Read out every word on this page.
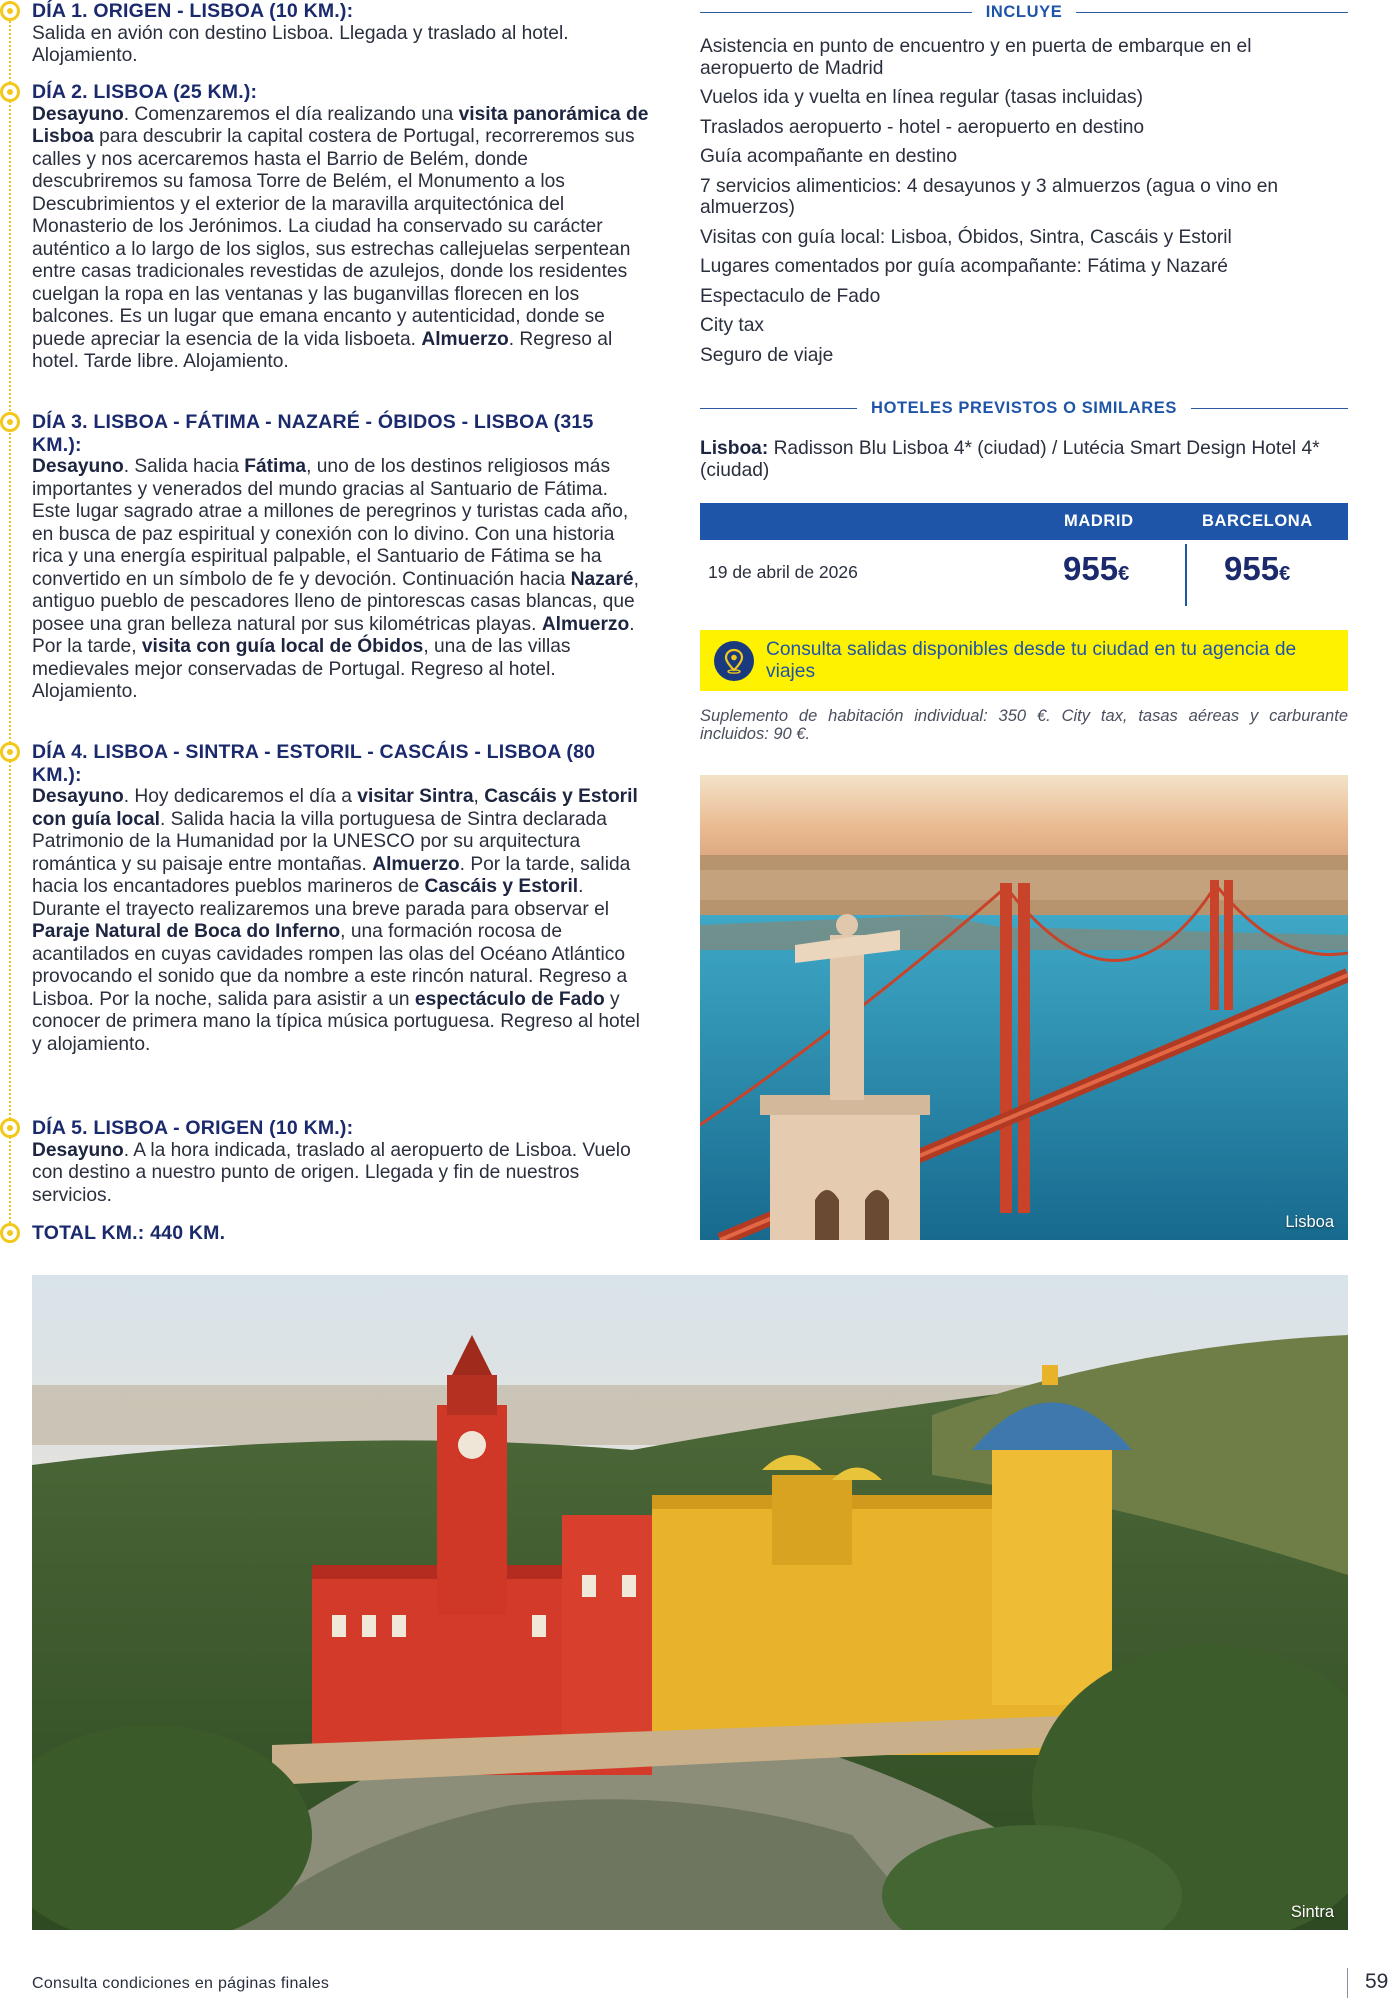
DÍA 1. ORIGEN - LISBOA (10 KM.):
Salida en avión con destino Lisboa. Llegada y traslado al hotel. Alojamiento.
DÍA 2. LISBOA (25 KM.):
Desayuno. Comenzaremos el día realizando una visita panorámica de Lisboa para descubrir la capital costera de Portugal, recorreremos sus calles y nos acercaremos hasta el Barrio de Belém, donde descubriremos su famosa Torre de Belém, el Monumento a los Descubrimientos y el exterior de la maravilla arquitectónica del Monasterio de los Jerónimos. La ciudad ha conservado su carácter auténtico a lo largo de los siglos, sus estrechas callejuelas serpentean entre casas tradicionales revestidas de azulejos, donde los residentes cuelgan la ropa en las ventanas y las buganvillas florecen en los balcones. Es un lugar que emana encanto y autenticidad, donde se puede apreciar la esencia de la vida lisboeta. Almuerzo. Regreso al hotel. Tarde libre. Alojamiento.
DÍA 3. LISBOA - FÁTIMA - NAZARÉ - ÓBIDOS - LISBOA (315 KM.):
Desayuno. Salida hacia Fátima, uno de los destinos religiosos más importantes y venerados del mundo gracias al Santuario de Fátima. Este lugar sagrado atrae a millones de peregrinos y turistas cada año, en busca de paz espiritual y conexión con lo divino. Con una historia rica y una energía espiritual palpable, el Santuario de Fátima se ha convertido en un símbolo de fe y devoción. Continuación hacia Nazaré, antiguo pueblo de pescadores lleno de pintorescas casas blancas, que posee una gran belleza natural por sus kilométricas playas. Almuerzo. Por la tarde, visita con guía local de Óbidos, una de las villas medievales mejor conservadas de Portugal. Regreso al hotel. Alojamiento.
DÍA 4. LISBOA - SINTRA - ESTORIL - CASCÁIS - LISBOA (80 KM.):
Desayuno. Hoy dedicaremos el día a visitar Sintra, Cascáis y Estoril con guía local. Salida hacia la villa portuguesa de Sintra declarada Patrimonio de la Humanidad por la UNESCO por su arquitectura romántica y su paisaje entre montañas. Almuerzo. Por la tarde, salida hacia los encantadores pueblos marineros de Cascáis y Estoril. Durante el trayecto realizaremos una breve parada para observar el Paraje Natural de Boca do Inferno, una formación rocosa de acantilados en cuyas cavidades rompen las olas del Océano Atlántico provocando el sonido que da nombre a este rincón natural. Regreso a Lisboa. Por la noche, salida para asistir a un espectáculo de Fado y conocer de primera mano la típica música portuguesa. Regreso al hotel y alojamiento.
DÍA 5. LISBOA - ORIGEN (10 KM.):
Desayuno. A la hora indicada, traslado al aeropuerto de Lisboa. Vuelo con destino a nuestro punto de origen. Llegada y fin de nuestros servicios.
TOTAL KM.: 440 KM.
INCLUYE
Asistencia en punto de encuentro y en puerta de embarque en el aeropuerto de Madrid
Vuelos ida y vuelta en línea regular (tasas incluidas)
Traslados aeropuerto - hotel - aeropuerto en destino
Guía acompañante en destino
7 servicios alimenticios: 4 desayunos y 3 almuerzos (agua o vino en almuerzos)
Visitas con guía local: Lisboa, Óbidos, Sintra, Cascáis y Estoril
Lugares comentados por guía acompañante: Fátima y Nazaré
Espectaculo de Fado
City tax
Seguro de viaje
HOTELES PREVISTOS O SIMILARES
Lisboa: Radisson Blu Lisboa 4* (ciudad) / Lutécia Smart Design Hotel 4* (ciudad)
MADRID	BARCELONA
19 de abril de 2026	955€	955€
Consulta salidas disponibles desde tu ciudad en tu agencia de viajes
Suplemento de habitación individual: 350 €. City tax, tasas aéreas y carburante incluidos: 90 €.
Lisboa
Sintra
Consulta condiciones en páginas finales	59
